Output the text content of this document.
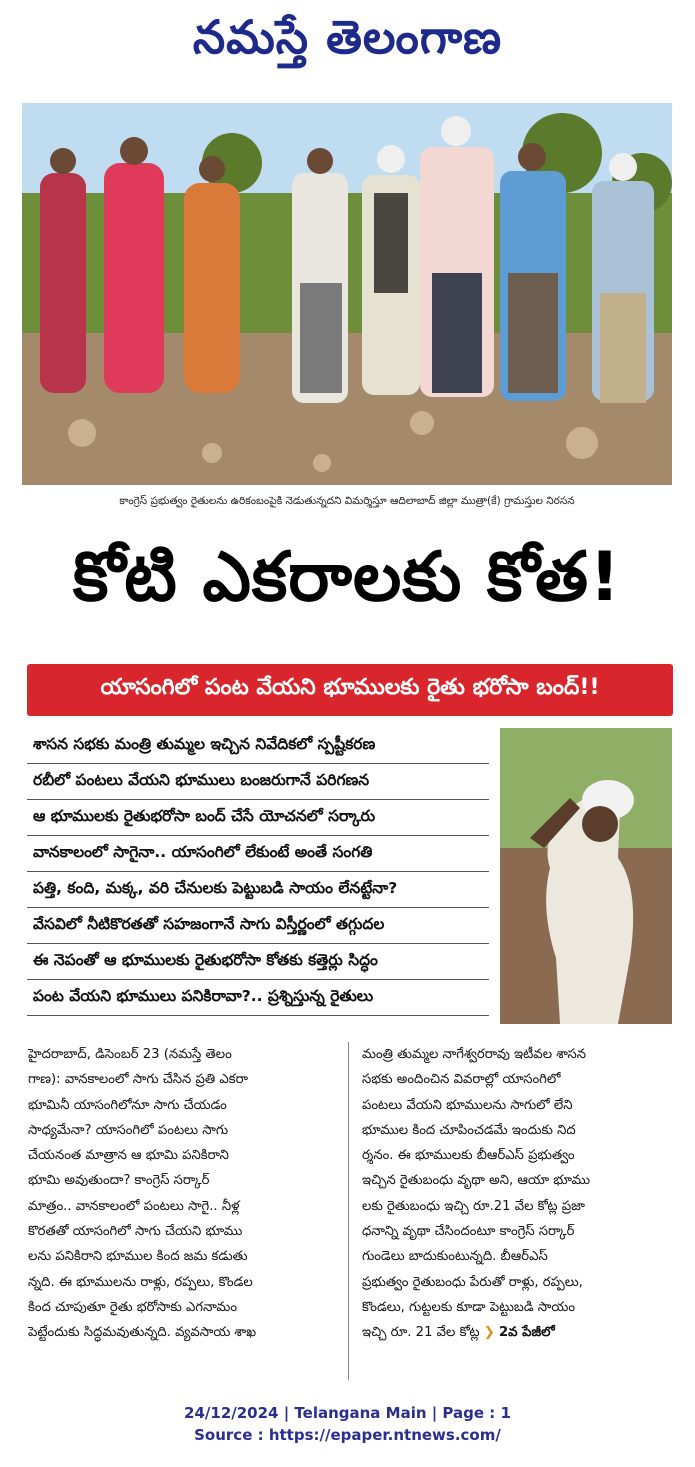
నమస్తే తెలంగాణ
కాంగ్రెస్ ప్రభుత్వం రైతులను ఉరికంబంపైకి నెడుతున్నదని విమర్శిస్తూ ఆదిలాబాద్ జిల్లా ముత్రా(కే) గ్రామస్తుల నిరసన
కోటి ఎకరాలకు కోత!
యాసంగిలో పంట వేయని భూములకు రైతు భరోసా బంద్!!
శాసన సభకు మంత్రి తుమ్మల ఇచ్చిన నివేదికలో స్పష్టీకరణ
రబీలో పంటలు వేయని భూములు బంజరుగానే పరిగణన
ఆ భూములకు రైతుభరోసా బంద్ చేసే యోచనలో సర్కారు
వానకాలంలో సాగైనా.. యాసంగిలో లేకుంటే అంతే సంగతి
పత్తి, కంది, మక్క, వరి చేనులకు పెట్టుబడి సాయం లేనట్టేనా?
వేసవిలో నీటికొరతతో సహజంగానే సాగు విస్తీర్ణంలో తగ్గుదల
ఈ నెపంతో ఆ భూములకు రైతుభరోసా కోతకు కత్తెర్లు సిద్ధం
పంట వేయని భూములు పనికిరావా?.. ప్రశ్నిస్తున్న రైతులు
హైదరాబాద్, డిసెంబర్ 23 (నమస్తే తెలం
గాణ): వానకాలంలో సాగు చేసిన ప్రతి ఎకరా
భూమినీ యాసంగిలోనూ సాగు చేయడం
సాధ్యమేనా? యాసంగిలో పంటలు సాగు
చేయనంత మాత్రాన ఆ భూమి పనికిరాని
భూమి అవుతుందా? కాంగ్రెస్ సర్కార్
మాత్రం.. వానకాలంలో పంటలు సాగై.. నీళ్ల
కొరతతో యాసంగిలో సాగు చేయని భూము
లను పనికిరాని భూముల కింద జమ కడుతు
న్నది. ఈ భూములను రాళ్లు, రప్పలు, కొండల
కింద చూపుతూ రైతు భరోసాకు ఎగనామం
పెట్టేందుకు సిద్ధమవుతున్నది. వ్యవసాయ శాఖ
మంత్రి తుమ్మల నాగేశ్వరరావు ఇటీవల శాసన
సభకు అందించిన వివరాల్లో యాసంగిలో
పంటలు వేయని భూములను సాగులో లేని
భూముల కింద చూపించడమే ఇందుకు నిద
ర్శనం. ఈ భూములకు బీఆర్ఎస్ ప్రభుత్వం
ఇచ్చిన రైతుబంధు వృథా అని, ఆయా భూము
లకు రైతుబంధు ఇచ్చి రూ.21 వేల కోట్ల ప్రజా
ధనాన్ని వృథా చేసిందంటూ కాంగ్రెస్ సర్కార్
గుండెలు బాదుకుంటున్నది. బీఆర్ఎస్
ప్రభుత్వం రైతుబంధు పేరుతో రాళ్లు, రప్పలు,
కొండలు, గుట్టలకు కూడా పెట్టుబడి సాయం
ఇచ్చి రూ. 21 వేల కోట్ల ❯ 2వ పేజీలో
24/12/2024 | Telangana Main | Page : 1
Source : https://epaper.ntnews.com/
